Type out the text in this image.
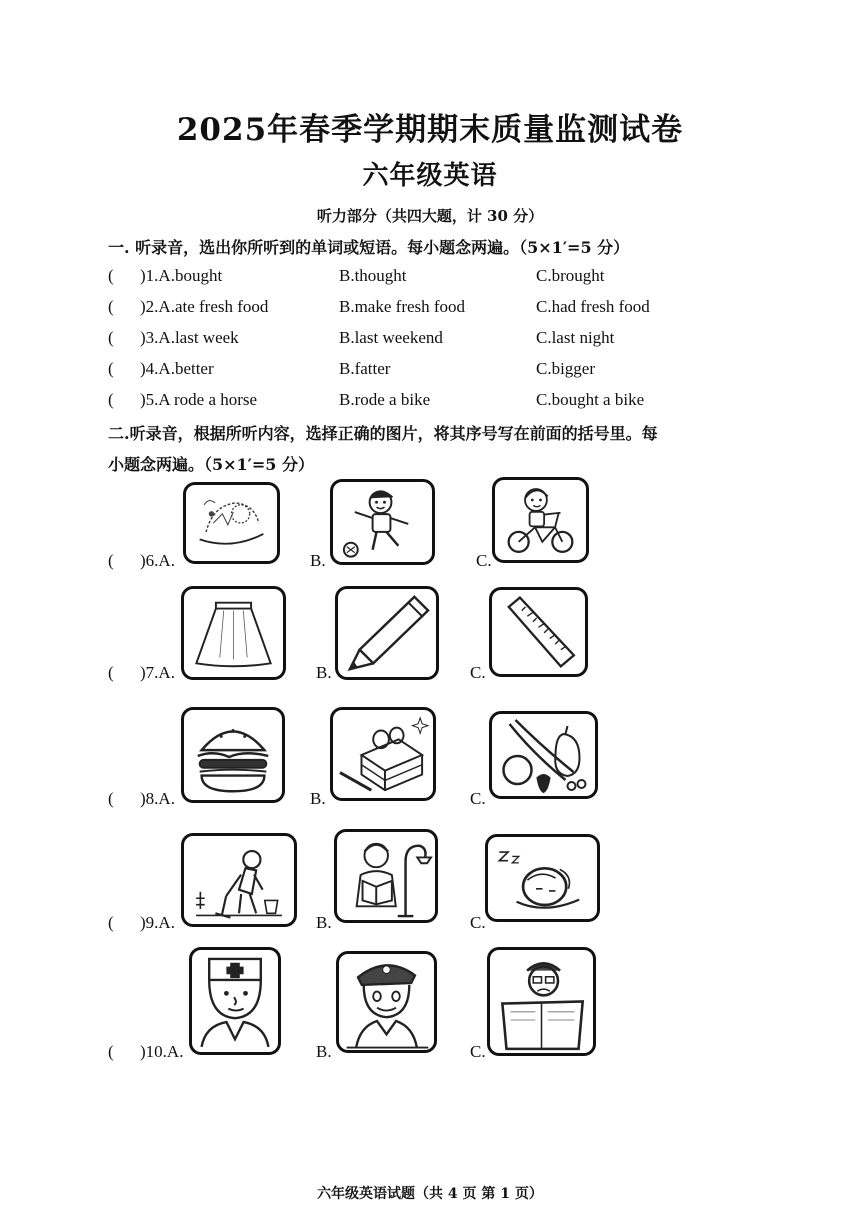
2025年春季学期期末质量监测试卷
六年级英语
听力部分（共四大题，计 30 分）
一. 听录音，选出你所听到的单词或短语。每小题念两遍。（5×1′=5 分）
( )1.A.bought	B.thought	C.brought
( )2.A.ate fresh food	B.make fresh food	C.had fresh food
( )3.A.last week	B.last weekend	C.last night
( )4.A.better	B.fatter	C.bigger
( )5.A rode a horse	B.rode a bike	C.bought a bike
二.听录音，根据所听内容，选择正确的图片，将其序号写在前面的括号里。每
小题念两遍。（5×1′=5 分）
( )6.A.	B.	C.
( )7.A.	B.	C.
( )8.A.	B.	C.
( )9.A.	B.	C.
( )10.A.	B.	C.
六年级英语试题（共 4 页 第 1 页）
